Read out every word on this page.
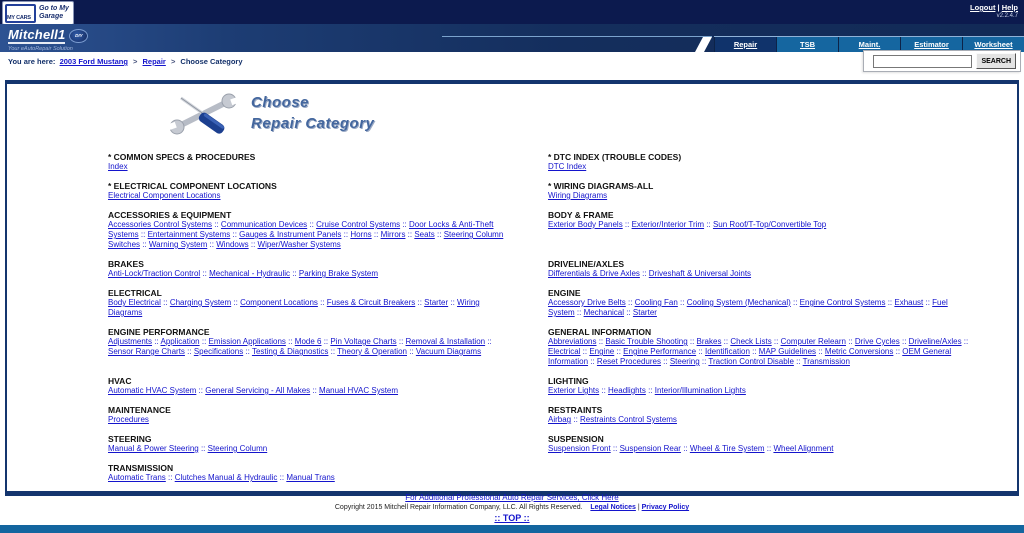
MY CARS
Go to My
Garage
Logout | Help
v2.2.4.7
Mitchell1 DIY
Your eAutoRepair Solution	Repair	TSB	Maint.	Estimator	Worksheet
You are here: 2003 Ford Mustang > Repair > Choose Category	SEARCH
Choose
Repair Category
* COMMON SPECS & PROCEDURES
Index

* DTC INDEX (TROUBLE CODES)
DTC Index

* ELECTRICAL COMPONENT LOCATIONS
Electrical Component Locations

* WIRING DIAGRAMS-ALL
Wiring Diagrams

ACCESSORIES & EQUIPMENT
Accessories Control Systems :: Communication Devices :: Cruise Control Systems :: Door Locks & Anti-Theft Systems :: Entertainment Systems :: Gauges & Instrument Panels :: Horns :: Mirrors :: Seats :: Steering Column Switches :: Warning System :: Windows :: Wiper/Washer Systems

BODY & FRAME
Exterior Body Panels :: Exterior/Interior Trim :: Sun Roof/T-Top/Convertible Top

BRAKES
Anti-Lock/Traction Control :: Mechanical - Hydraulic :: Parking Brake System

DRIVELINE/AXLES
Differentials & Drive Axles :: Driveshaft & Universal Joints

ELECTRICAL
Body Electrical :: Charging System :: Component Locations :: Fuses & Circuit Breakers :: Starter :: Wiring Diagrams

ENGINE
Accessory Drive Belts :: Cooling Fan :: Cooling System (Mechanical) :: Engine Control Systems :: Exhaust :: Fuel System :: Mechanical :: Starter

ENGINE PERFORMANCE
Adjustments :: Application :: Emission Applications :: Mode 6 :: Pin Voltage Charts :: Removal & Installation :: Sensor Range Charts :: Specifications :: Testing & Diagnostics :: Theory & Operation :: Vacuum Diagrams

GENERAL INFORMATION
Abbreviations :: Basic Trouble Shooting :: Brakes :: Check Lists :: Computer Relearn :: Drive Cycles :: Driveline/Axles :: Electrical :: Engine :: Engine Performance :: Identification :: MAP Guidelines :: Metric Conversions :: OEM General Information :: Reset Procedures :: Steering :: Traction Control Disable :: Transmission

HVAC
Automatic HVAC System :: General Servicing - All Makes :: Manual HVAC System

LIGHTING
Exterior Lights :: Headlights :: Interior/Illumination Lights

MAINTENANCE
Procedures

RESTRAINTS
Airbag :: Restraints Control Systems

STEERING
Manual & Power Steering :: Steering Column

SUSPENSION
Suspension Front :: Suspension Rear :: Wheel & Tire System :: Wheel Alignment

TRANSMISSION
Automatic Trans :: Clutches Manual & Hydraulic :: Manual Trans	

For Additional Professional Auto Repair Services, Click Here
Copyright 2015 Mitchell Repair Information Company, LLC. All Rights Reserved. Legal Notices | Privacy Policy
:: TOP ::
